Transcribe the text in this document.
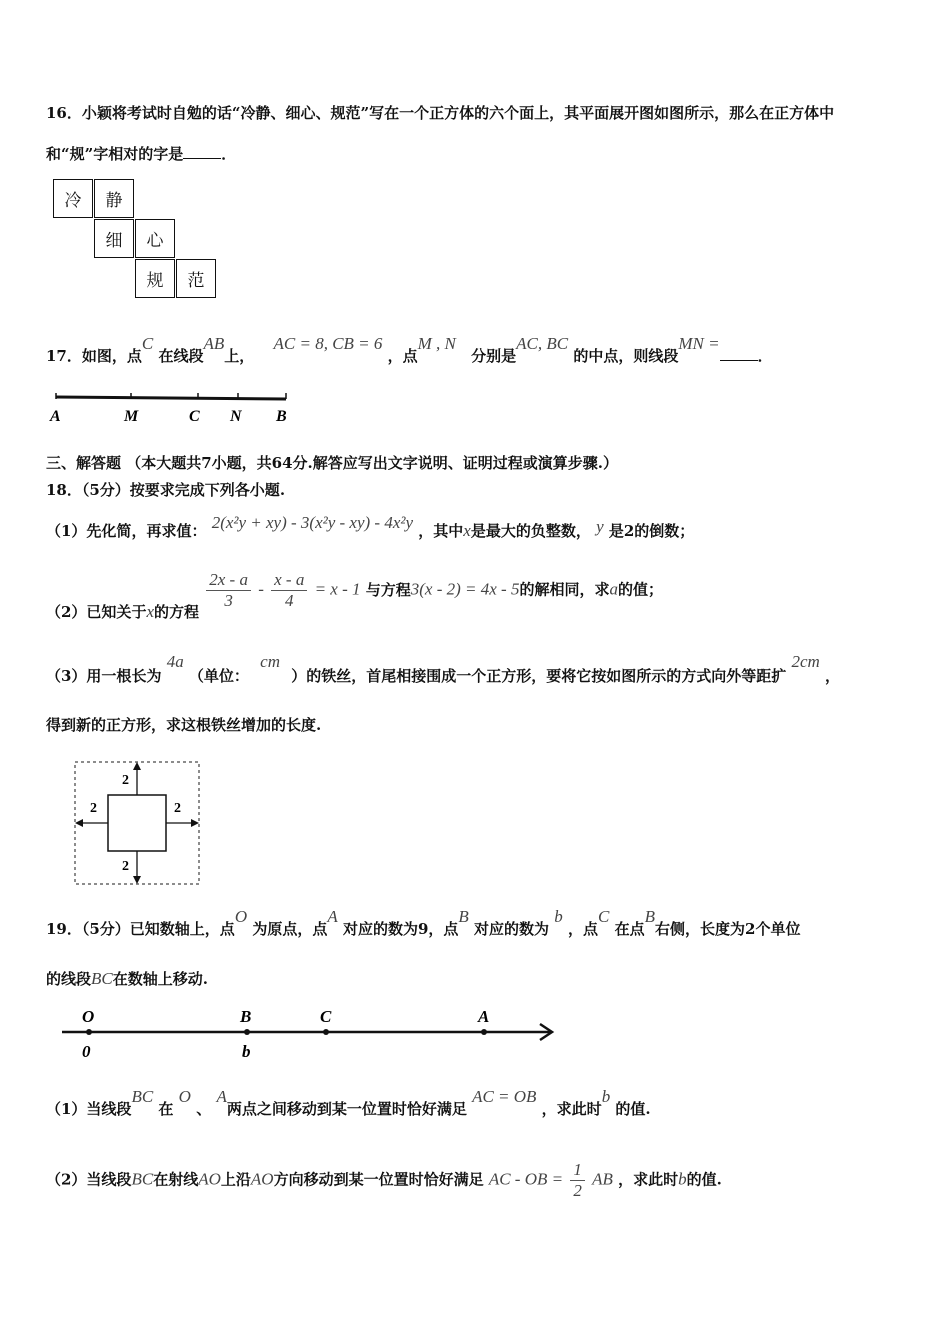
16．小颖将考试时自勉的话“冷静、细心、规范”写在一个正方体的六个面上，其平面展开图如图所示，那么在正方体中
和“规”字相对的字是	．
冷	静
细	心
规	范
17．如图，点C 在线段AB上， AC = 8, CB = 6 ，点M , N 分别是AC, BC 的中点，则线段MN =．
A	M	C N B
三、解答题 （本大题共7小题，共64分.解答应写出文字说明、证明过程或演算步骤.）
18．（5分）按要求完成下列各小题.
（1）先化简，再求值： 2(x²y + xy) - 3(x²y - xy) - 4x²y ，其中x是最大的负整数， y 是2的倒数；
（2）已知关于x的方程
$\frac{2x - a}{3} - \frac{x - a}{4} = x - 1$ 与方程3(x - 2) = 4x - 5的解相同，求a的值；
（3）用一根长为 4a （单位： cm ）的铁丝，首尾相接围成一个正方形，要将它按如图所示的方式向外等距扩 2cm ，
得到新的正方形，求这根铁丝增加的长度.
2
2
2	2
19．（5分）已知数轴上，点O 为原点，点A 对应的数为9，点B 对应的数为 b ，点C 在点B右侧，长度为2个单位
的线段BC在数轴上移动.
O	B	C	A
0	b
（1）当线段BC 在 O 、 A两点之间移动到某一位置时恰好满足 AC = OB ，求此时b 的值.
（2）当线段BC在射线AO上沿AO方向移动到某一位置时恰好满足 AC - OB = $\frac{1}{2}$ AB ，求此时b的值.
